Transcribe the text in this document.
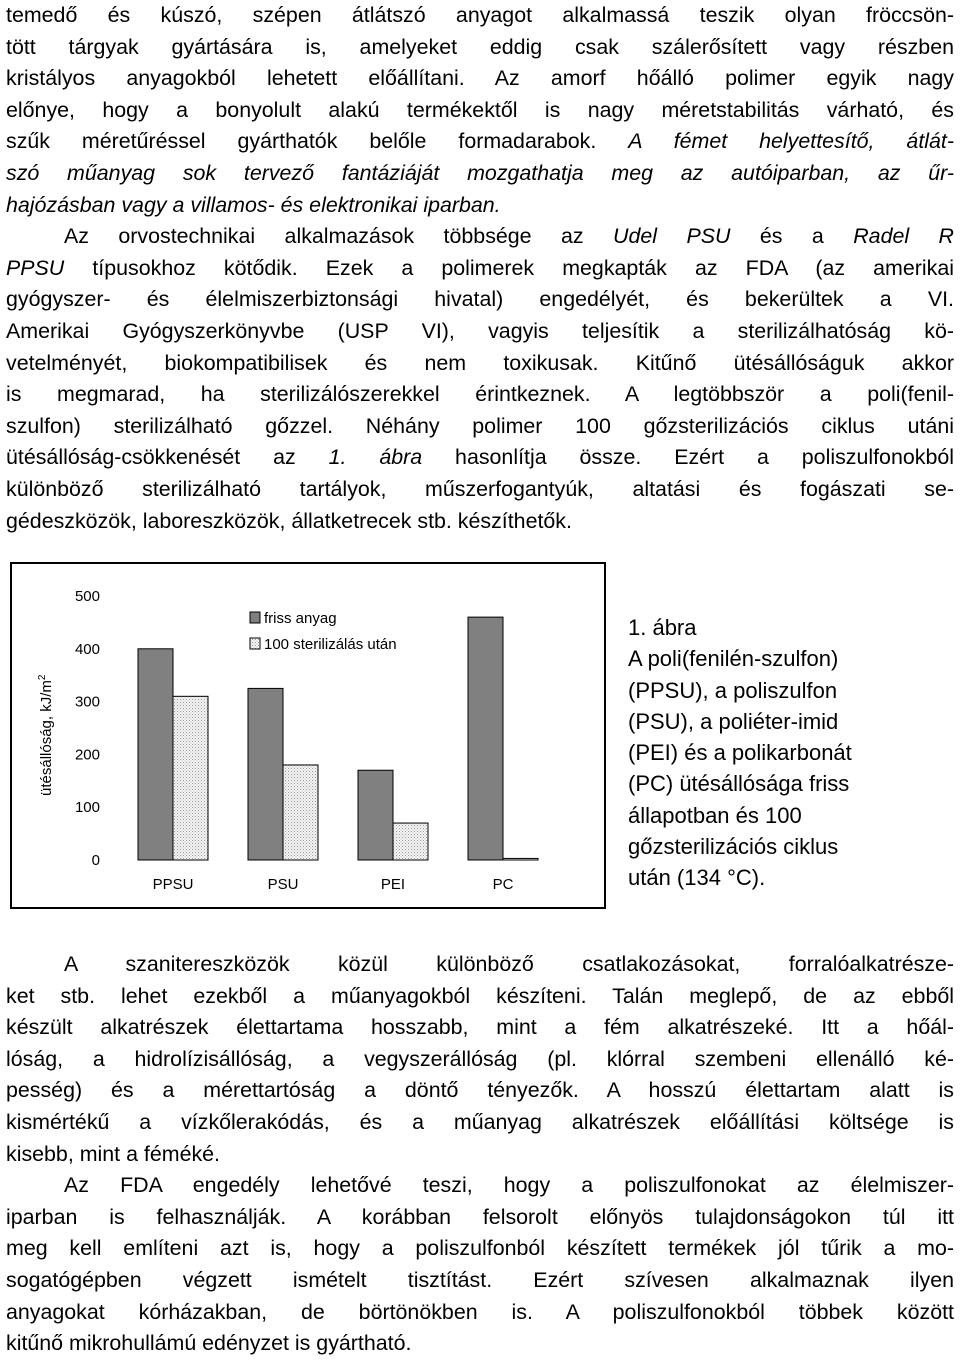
temedő és kúszó, szépen átlátszó anyagot alkalmassá teszik olyan fröccsön-
tött tárgyak gyártására is, amelyeket eddig csak szálerősített vagy részben
kristályos anyagokból lehetett előállítani. Az amorf hőálló polimer egyik nagy
előnye, hogy a bonyolult alakú termékektől is nagy méretstabilitás várható, és
szűk méretűréssel gyárthatók belőle formadarabok. A fémet helyettesítő, átlát-
szó műanyag sok tervező fantáziáját mozgathatja meg az autóiparban, az űr-
hajózásban vagy a villamos- és elektronikai iparban.
Az orvostechnikai alkalmazások többsége az Udel PSU és a Radel R
PPSU típusokhoz kötődik. Ezek a polimerek megkapták az FDA (az amerikai
gyógyszer- és élelmiszerbiztonsági hivatal) engedélyét, és bekerültek a VI.
Amerikai Gyógyszerkönyvbe (USP VI), vagyis teljesítik a sterilizálhatóság kö-
vetelményét, biokompatibilisek és nem toxikusak. Kitűnő ütésállóságuk akkor
is megmarad, ha sterilizálószerekkel érintkeznek. A legtöbbször a poli(fenil-
szulfon) sterilizálható gőzzel. Néhány polimer 100 gőzsterilizációs ciklus utáni
ütésállóság-csökkenését az 1. ábra hasonlítja össze. Ezért a poliszulfonokból
különböző sterilizálható tartályok, műszerfogantyúk, altatási és fogászati se-
gédeszközök, laboreszközök, állatketrecek stb. készíthetők.
0
100
200
300
400
500
PPSU	PSU	PEI	PC
friss anyag
100 sterilizálás után
ütésállóság, $kJ/m^2$
1. ábra
A poli(fenilén-szulfon)
(PPSU), a poliszulfon
(PSU), a poliéter-imid
(PEI) és a polikarbonát
(PC) ütésállósága friss
állapotban és 100
gőzsterilizációs ciklus
után (134 °C).
A szanitereszközök közül különböző csatlakozásokat, forralóalkatrésze-
ket stb. lehet ezekből a műanyagokból készíteni. Talán meglepő, de az ebből
készült alkatrészek élettartama hosszabb, mint a fém alkatrészeké. Itt a hőál-
lóság, a hidrolízisállóság, a vegyszerállóság (pl. klórral szembeni ellenálló ké-
pesség) és a mérettartóság a döntő tényezők. A hosszú élettartam alatt is
kismértékű a vízkőlerakódás, és a műanyag alkatrészek előállítási költsége is
kisebb, mint a féméké.
Az FDA engedély lehetővé teszi, hogy a poliszulfonokat az élelmiszer-
iparban is felhasználják. A korábban felsorolt előnyös tulajdonságokon túl itt
meg kell említeni azt is, hogy a poliszulfonból készített termékek jól tűrik a mo-
sogatógépben végzett ismételt tisztítást. Ezért szívesen alkalmaznak ilyen
anyagokat kórházakban, de börtönökben is. A poliszulfonokból többek között
kitűnő mikrohullámú edényzet is gyártható.
